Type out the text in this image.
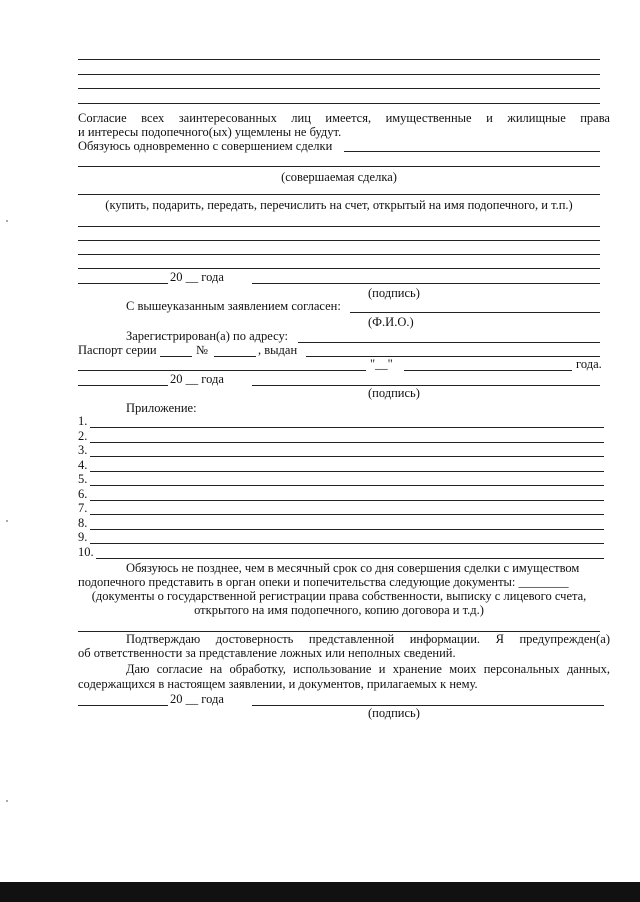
Согласие всех заинтересованных лиц имеется, имущественные и жилищные права
и интересы подопечного(ых) ущемлены не будут.
Обязуюсь одновременно с совершением сделки
(совершаемая сделка)
(купить, подарить, передать, перечислить на счет, открытый на имя подопечного, и т.п.)
20 __ года
(подпись)
С вышеуказанным заявлением согласен:
(Ф.И.О.)
Зарегистрирован(а) по адресу:
Паспорт серии	№	, выдан
"__"	года.
20 __ года
(подпись)
Приложение:
1.
2.
3.
4.
5.
6.
7.
8.
9.
10.
Обязуюсь не позднее, чем в месячный срок со дня совершения сделки с имуществом
подопечного представить в орган опеки и попечительства следующие документы: ________
(документы о государственной регистрации права собственности, выписку с лицевого счета,
открытого на имя подопечного, копию договора и т.д.)
Подтверждаю достоверность представленной информации. Я предупрежден(а)
об ответственности за представление ложных или неполных сведений.
Даю согласие на обработку, использование и хранение моих персональных данных,
содержащихся в настоящем заявлении, и документов, прилагаемых к нему.
20 __ года
(подпись)
